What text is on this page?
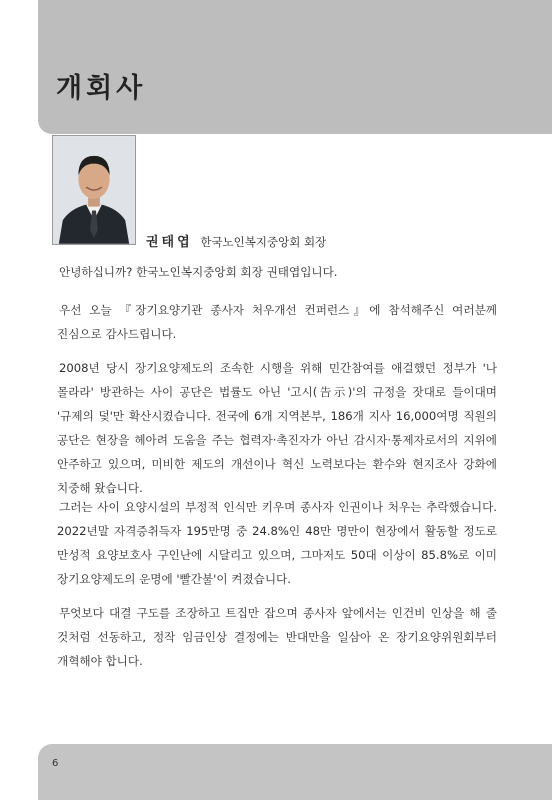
개회사
권태엽 한국노인복지중앙회 회장

안녕하십니까? 한국노인복지중앙회 회장 권태엽입니다.

우선 오늘 『장기요양기관 종사자 처우개선 컨퍼런스』에 참석해주신 여러분께 진심으로 감사드립니다.

2008년 당시 장기요양제도의 조속한 시행을 위해 민간참여를 애걸했던 정부가 '나 몰라라' 방관하는 사이 공단은 법률도 아닌 '고시(告示)'의 규정을 잣대로 들이대며 '규제의 덫'만 확산시켰습니다. 전국에 6개 지역본부, 186개 지사 16,000여명 직원의 공단은 현장을 헤아려 도움을 주는 협력자·촉진자가 아닌 감시자·통제자로서의 지위에 안주하고 있으며, 미비한 제도의 개선이나 혁신 노력보다는 환수와 현지조사 강화에 치중해 왔습니다.

그러는 사이 요양시설의 부정적 인식만 키우며 종사자 인권이나 처우는 추락했습니다. 2022년말 자격증취득자 195만명 중 24.8%인 48만 명만이 현장에서 활동할 정도로 만성적 요양보호사 구인난에 시달리고 있으며, 그마저도 50대 이상이 85.8%로 이미 장기요양제도의 운명에 '빨간불'이 켜졌습니다.

무엇보다 대결 구도를 조장하고 트집만 잡으며 종사자 앞에서는 인건비 인상을 해 줄 것처럼 선동하고, 정작 임금인상 결정에는 반대만을 일삼아 온 장기요양위원회부터 개혁해야 합니다.

6
